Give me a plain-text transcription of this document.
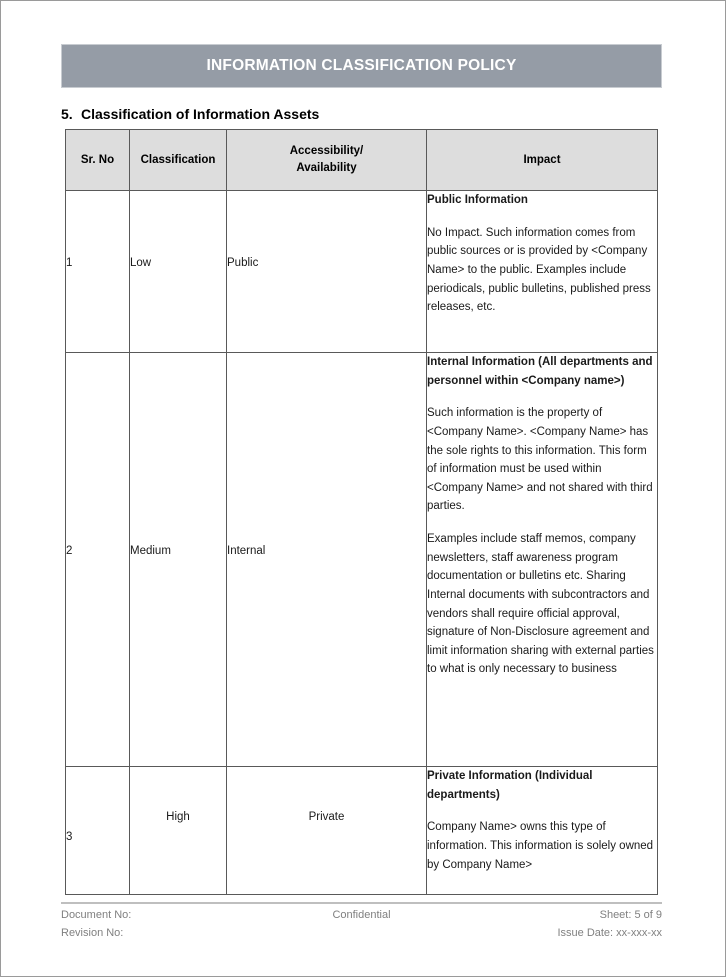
INFORMATION CLASSIFICATION POLICY
5. Classification of Information Assets
Sr. No	Classification	Accessibility/
Availability	Impact
1	Low	Public	Public Information

No Impact. Such information comes from public sources or is provided by <Company Name> to the public. Examples include periodicals, public bulletins, published press releases, etc.

2	Medium	Internal	Internal Information (All departments and personnel within <Company name>)

Such information is the property of <Company Name>. <Company Name> has the sole rights to this information. This form of information must be used within <Company Name> and not shared with third parties.

Examples include staff memos, company newsletters, staff awareness program documentation or bulletins etc. Sharing Internal documents with subcontractors and vendors shall require official approval, signature of Non-Disclosure agreement and limit information sharing with external parties to what is only necessary to business

3	High	Private	Private Information (Individual departments)

Company Name> owns this type of information. This information is solely owned by Company Name>

Document No:	Confidential	Sheet: 5 of 9
Revision No:	Issue Date: xx-xxx-xx
